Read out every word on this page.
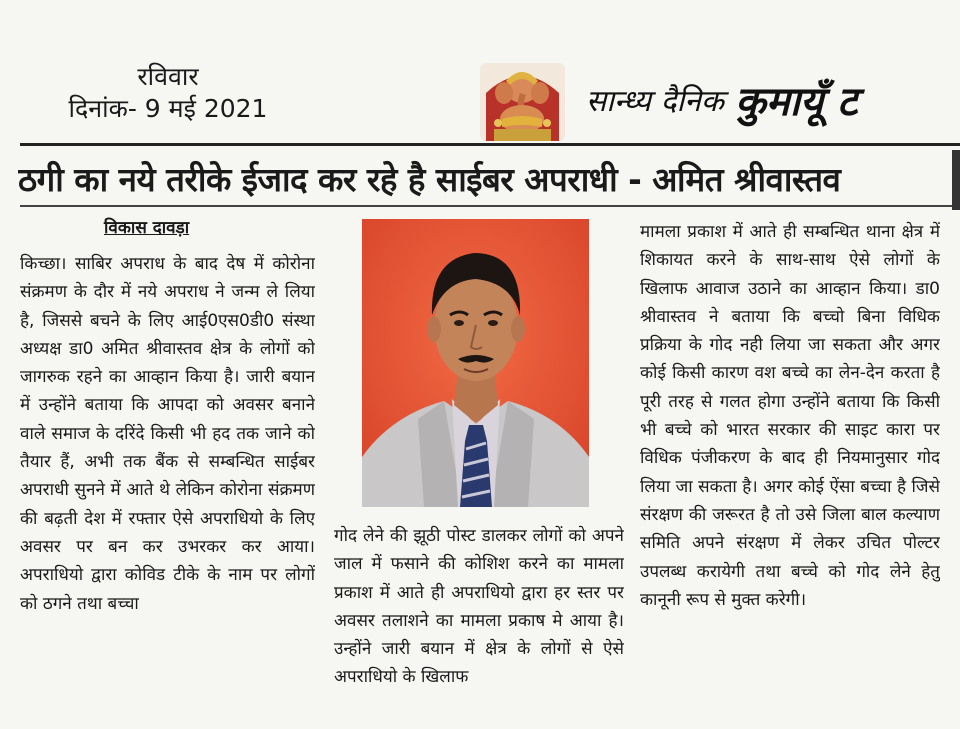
रविवार
दिनांक- 9 मई 2021	सान्ध्य दैनिक कुमायूँ ट
ठगी का नये तरीके ईजाद कर रहे है साईबर अपराधी - अमित श्रीवास्तव
विकास दावड़ा

किच्छा। साबिर अपराध के बाद देष में कोरोना संक्रमण के दौर में नये अपराध ने जन्म ले लिया है, जिससे बचने के लिए आई0एस0डी0 संस्था अध्यक्ष डा0 अमित श्रीवास्तव क्षेत्र के लोगों को जागरुक रहने का आव्हान किया है। जारी बयान में उन्होंने बताया कि आपदा को अवसर बनाने वाले समाज के दरिंदे किसी भी हद तक जाने को तैयार हैं, अभी तक बैंक से सम्बन्धित साईबर अपराधी सुनने में आते थे लेकिन कोरोना संक्रमण की बढ़ती देश में रफ्तार ऐसे अपराधियो के लिए अवसर पर बन कर उभरकर कर आया। अपराधियो द्वारा कोविड टीके के नाम पर लोगों को ठगने तथा बच्चा

गोद लेने की झूठी पोस्ट डालकर लोगों को अपने जाल में फसाने की कोशिश करने का मामला प्रकाश में आते ही अपराधियो द्वारा हर स्तर पर अवसर तलाशने का मामला प्रकाष मे आया है। उन्होंने जारी बयान में क्षेत्र के लोगों से ऐसे अपराधियो के खिलाफ

मामला प्रकाश में आते ही सम्बन्धित थाना क्षेत्र में शिकायत करने के साथ-साथ ऐसे लोगों के खिलाफ आवाज उठाने का आव्हान किया। डा0 श्रीवास्तव ने बताया कि बच्चो बिना विधिक प्रक्रिया के गोद नही लिया जा सकता और अगर कोई किसी कारण वश बच्चे का लेन-देन करता है पूरी तरह से गलत होगा उन्होंने बताया कि किसी भी बच्चे को भारत सरकार की साइट कारा पर विधिक पंजीकरण के बाद ही नियमानुसार गोद लिया जा सकता है। अगर कोई ऐंसा बच्चा है जिसे संरक्षण की जरूरत है तो उसे जिला बाल कल्याण समिति अपने संरक्षण में लेकर उचित पोल्टर उपलब्ध करायेगी तथा बच्चे को गोद लेने हेतु कानूनी रूप से मुक्त करेगी।
